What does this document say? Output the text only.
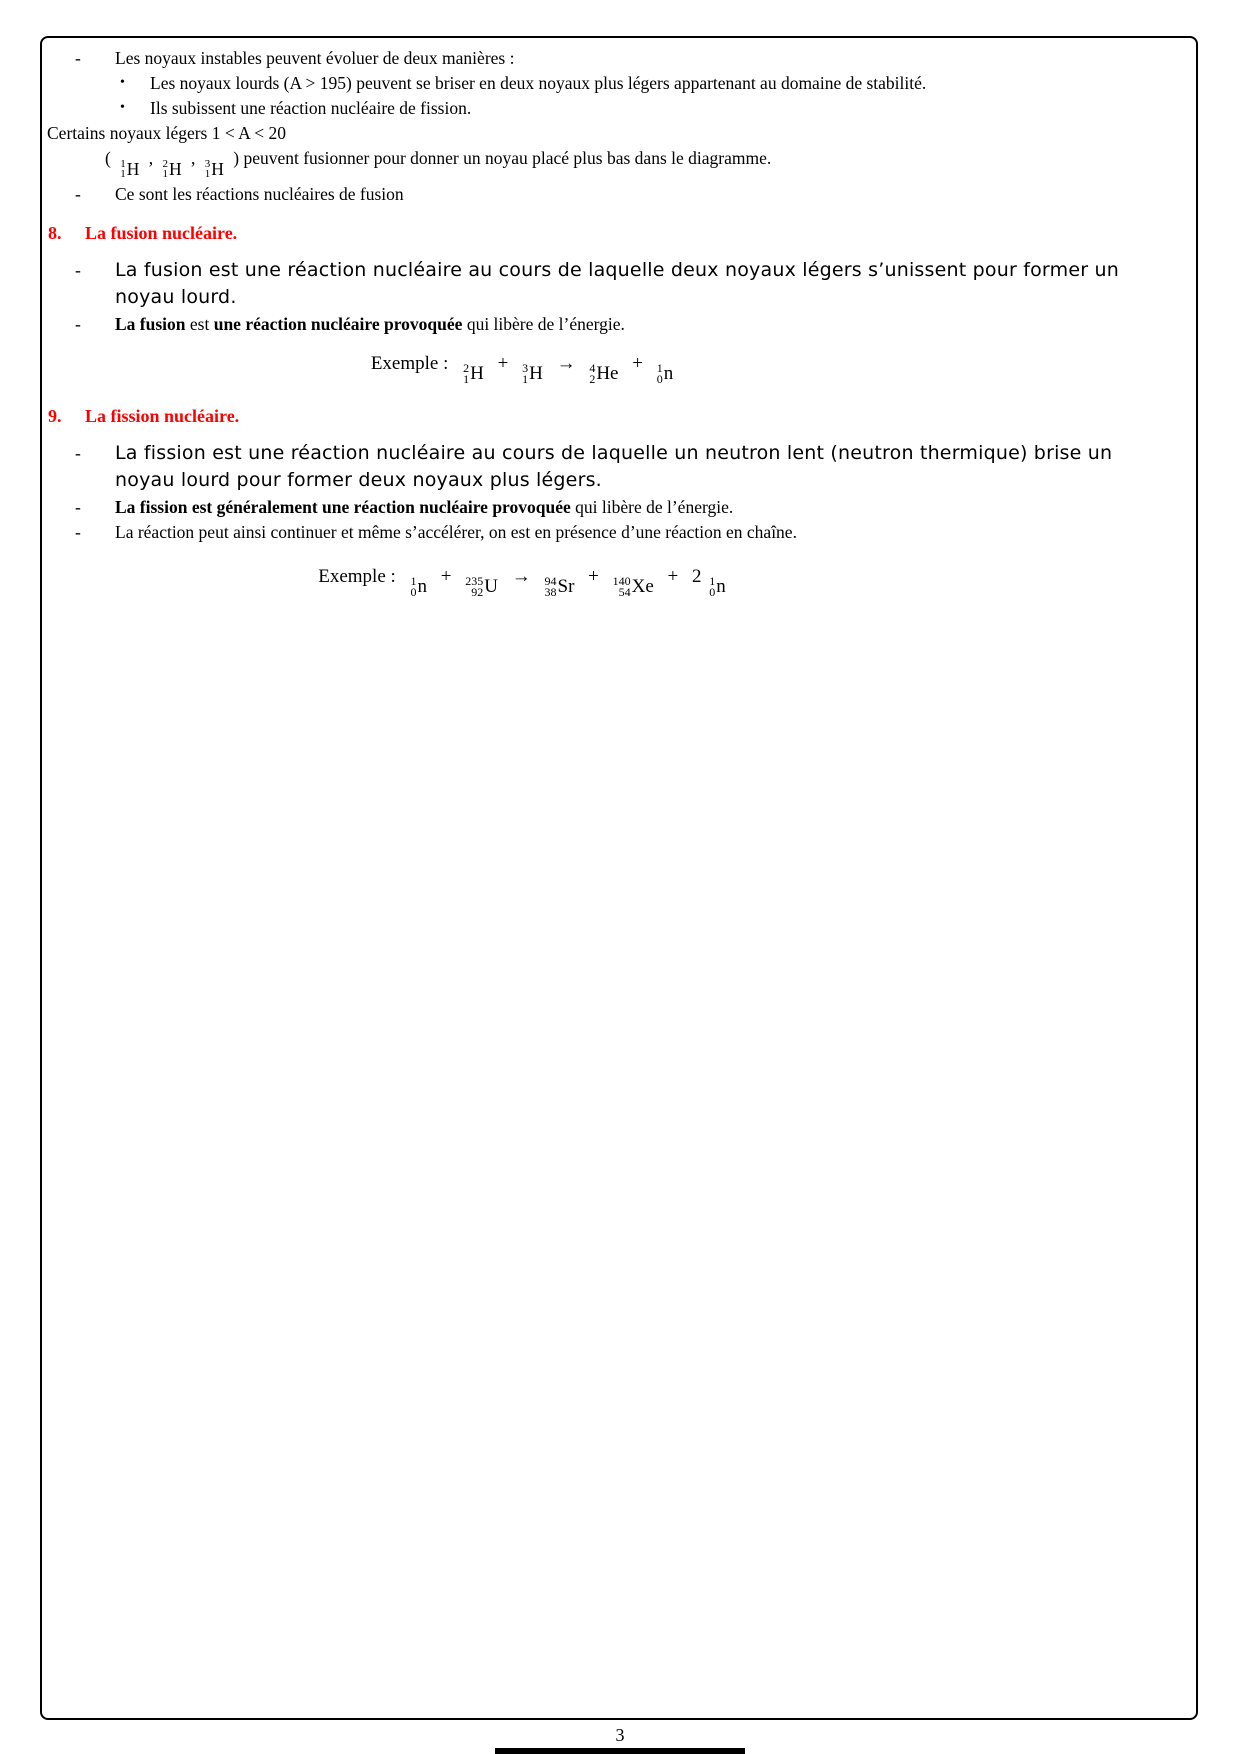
-	Les noyaux instables peuvent évoluer de deux manières :
•	Les noyaux lourds (A > 195) peuvent se briser en deux noyaux plus légers appartenant au domaine de stabilité.
•	Ils subissent une réaction nucléaire de fission.
Certains noyaux légers 1 < A < 20
( 1
1 H
, 2
1 H
, 3
1 H
) peuvent fusionner pour donner un noyau placé plus bas dans le diagramme.
-	Ce sont les réactions nucléaires de fusion
8.	La fusion nucléaire.
-	La fusion est une réaction nucléaire au cours de laquelle deux noyaux légers s’unissent pour former un
noyau lourd.
-	La fusion est une réaction nucléaire provoquée qui libère de l’énergie.
Exemple : 2
1 H + 3
1 H → 4
2 He + 1
0 n
9.	La fission nucléaire.
-	La fission est une réaction nucléaire au cours de laquelle un neutron lent (neutron thermique) brise un
noyau lourd pour former deux noyaux plus légers.
-	La fission est généralement une réaction nucléaire provoquée qui libère de l’énergie.
-	La réaction peut ainsi continuer et même s’accélérer, on est en présence d’une réaction en chaîne.
Exemple : 1
0 n + 235
92 U → 94
38 Sr + 140
54 Xe + 2 1
0 n
3
